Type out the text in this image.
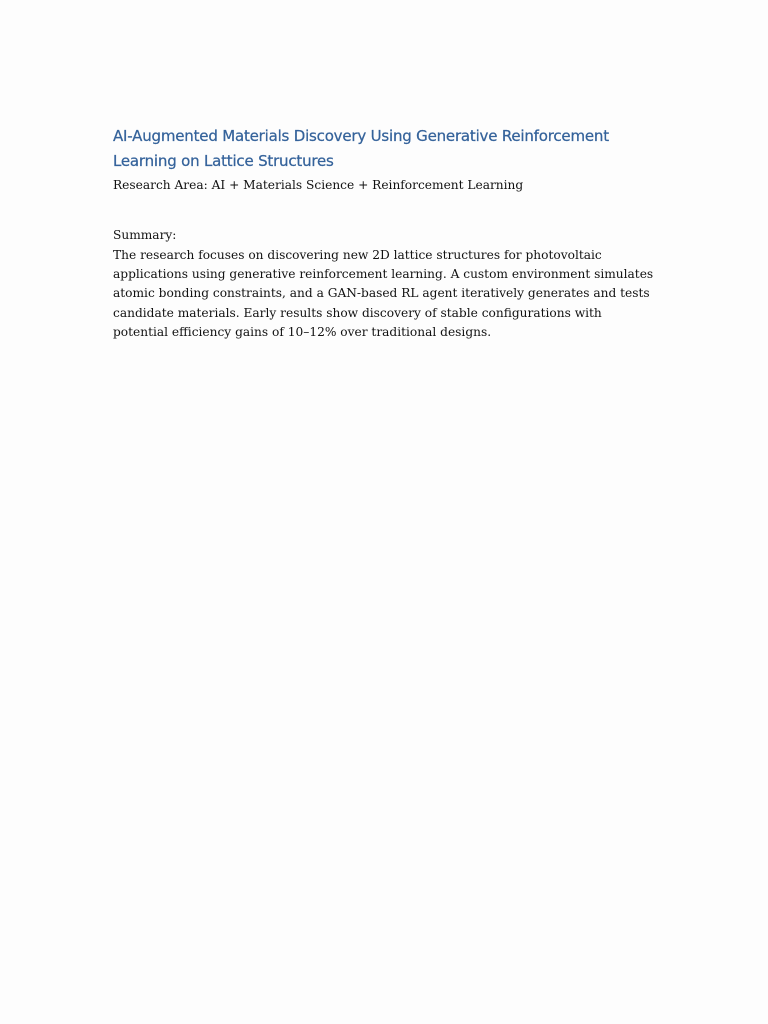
AI-Augmented Materials Discovery Using Generative Reinforcement Learning on Lattice Structures

Research Area: AI + Materials Science + Reinforcement Learning

Summary:

The research focuses on discovering new 2D lattice structures for photovoltaic applications using generative reinforcement learning. A custom environment simulates atomic bonding constraints, and a GAN-based RL agent iteratively generates and tests candidate materials. Early results show discovery of stable configurations with potential efficiency gains of 10–12% over traditional designs.
